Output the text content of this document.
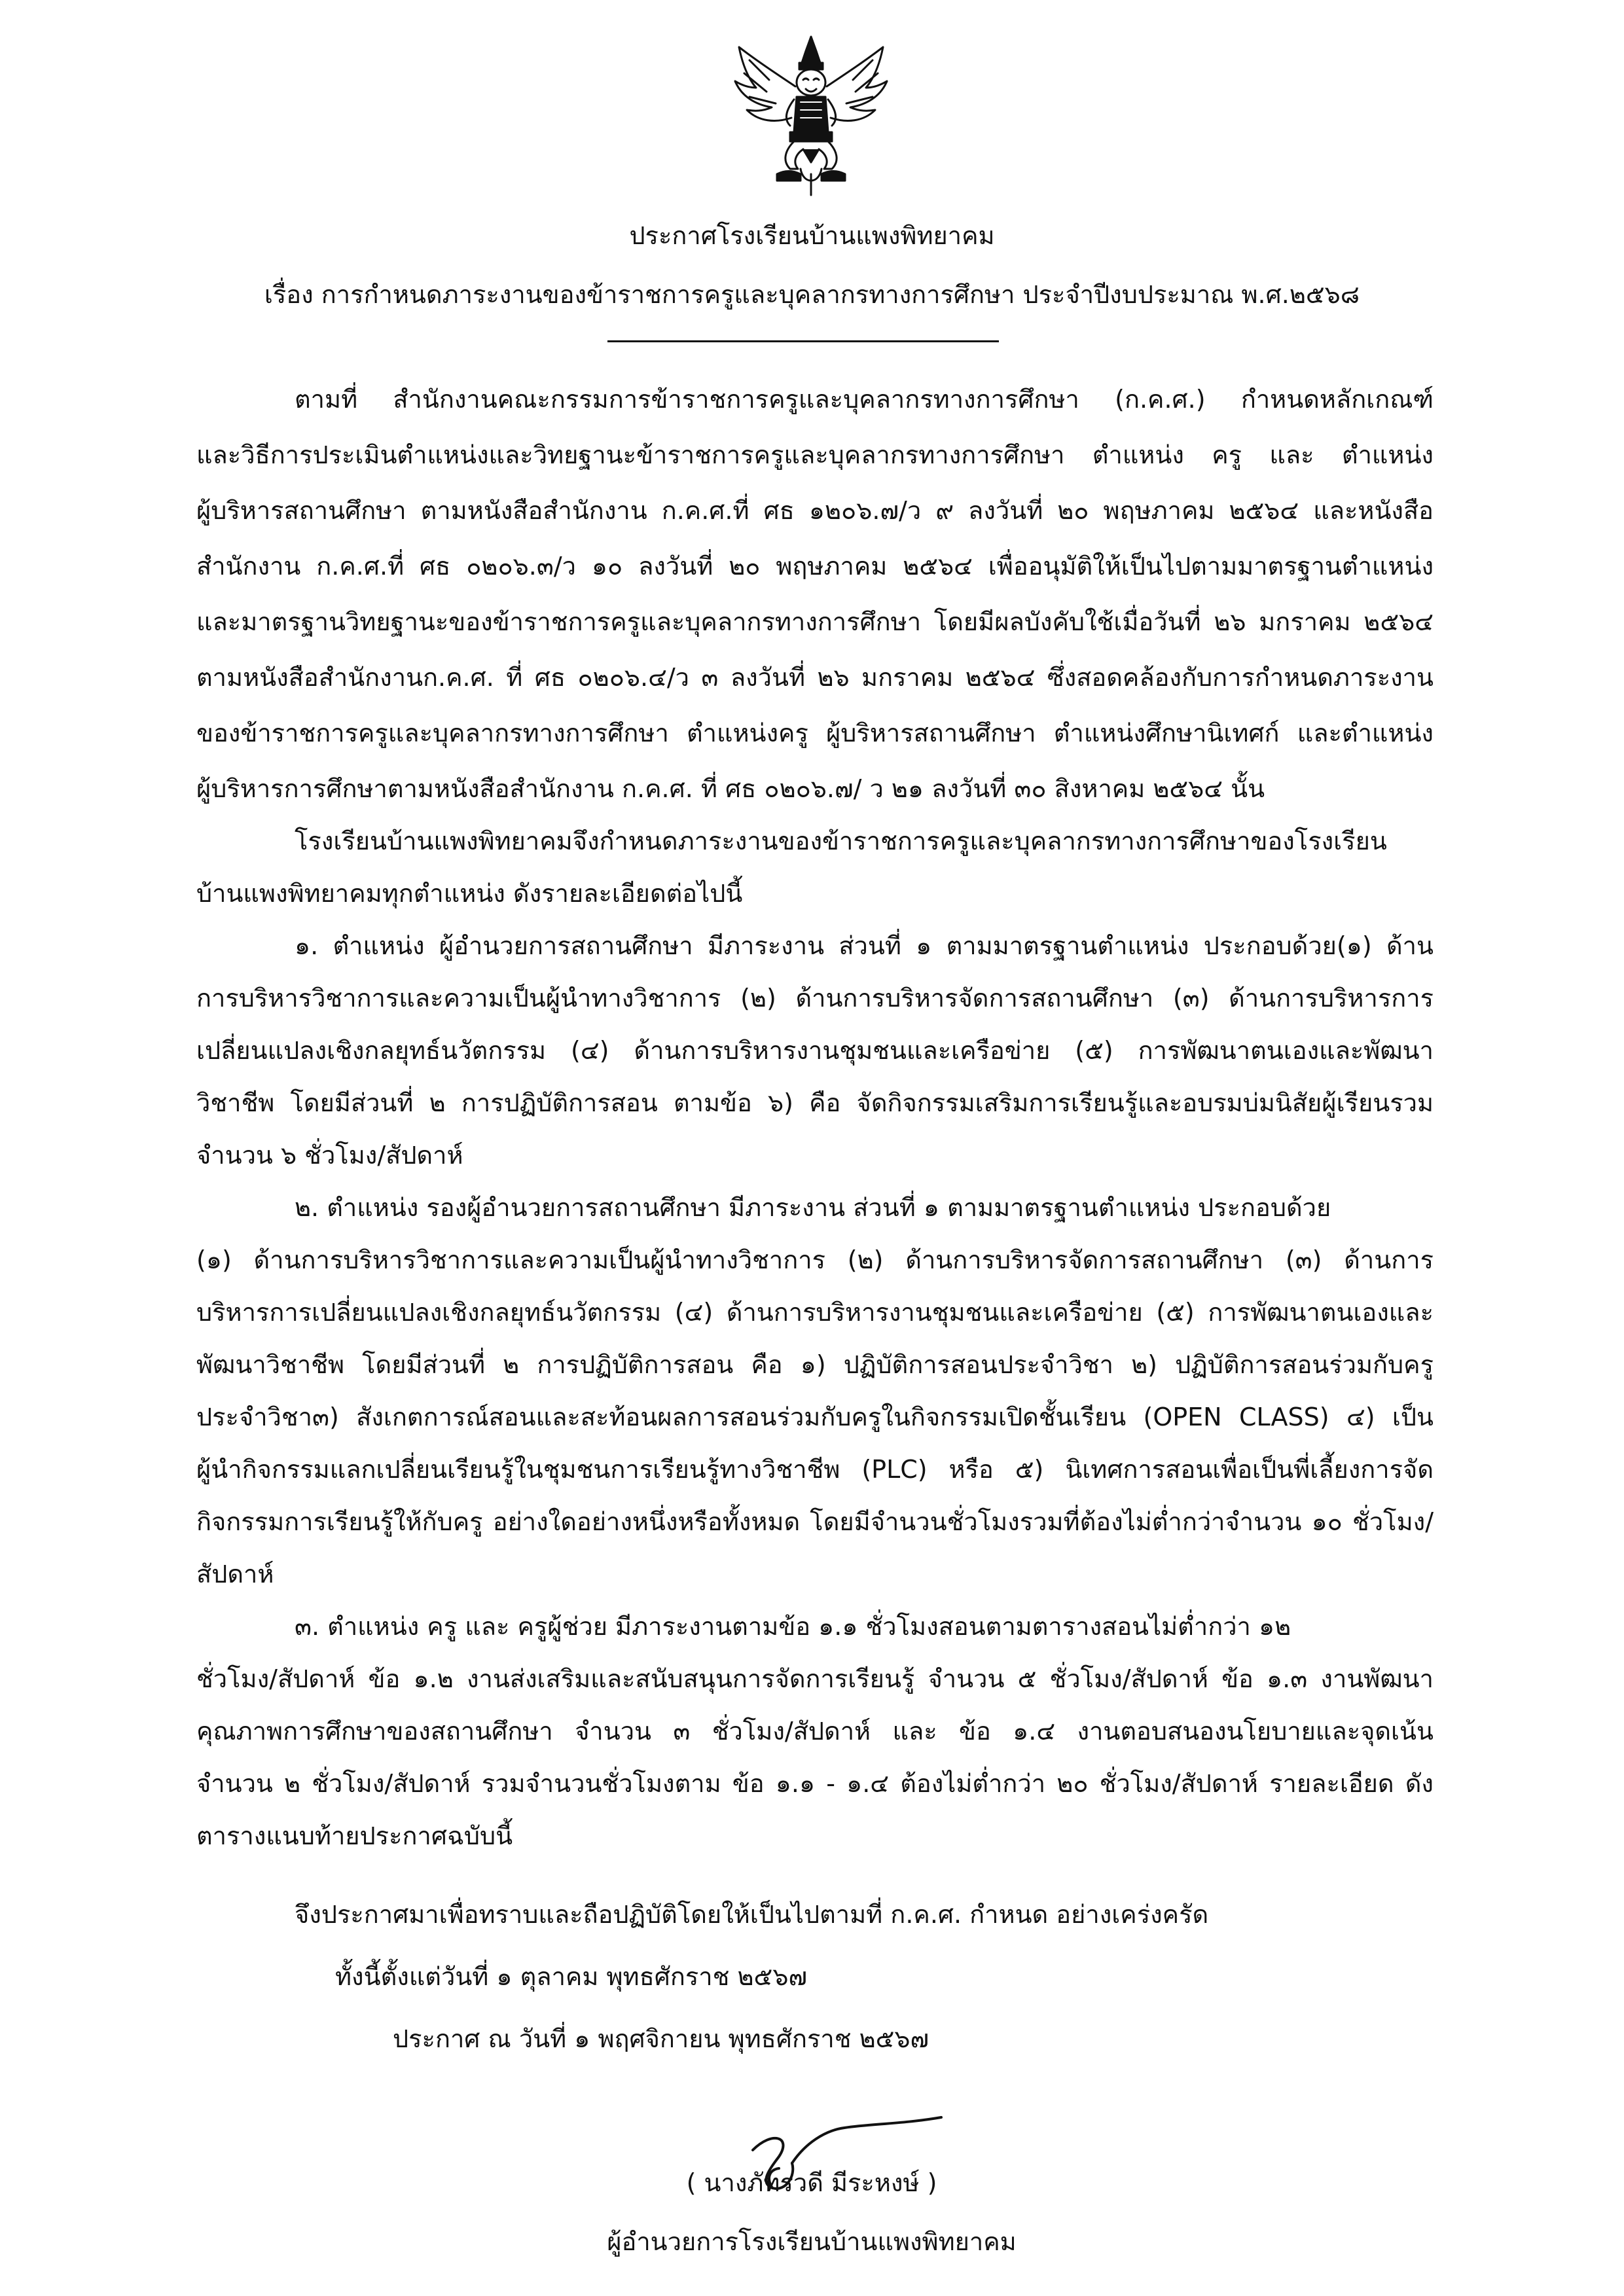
ประกาศโรงเรียนบ้านแพงพิทยาคม
เรื่อง การกำหนดภาระงานของข้าราชการครูและบุคลากรทางการศึกษา ประจำปีงบประมาณ พ.ศ.๒๕๖๘
ตามที่ สำนักงานคณะกรรมการข้าราชการครูและบุคลากรทางการศึกษา (ก.ค.ศ.) กำหนดหลักเกณฑ์
และวิธีการประเมินตำแหน่งและวิทยฐานะข้าราชการครูและบุคลากรทางการศึกษา ตำแหน่ง ครู และ ตำแหน่ง
ผู้บริหารสถานศึกษา ตามหนังสือสำนักงาน ก.ค.ศ.ที่ ศธ ๑๒๐๖.๗/ว ๙ ลงวันที่ ๒๐ พฤษภาคม ๒๕๖๔ และหนังสือ
สำนักงาน ก.ค.ศ.ที่ ศธ ๐๒๐๖.๓/ว ๑๐ ลงวันที่ ๒๐ พฤษภาคม ๒๕๖๔ เพื่ออนุมัติให้เป็นไปตามมาตรฐานตำแหน่ง
และมาตรฐานวิทยฐานะของข้าราชการครูและบุคลากรทางการศึกษา โดยมีผลบังคับใช้เมื่อวันที่ ๒๖ มกราคม ๒๕๖๔
ตามหนังสือสำนักงานก.ค.ศ. ที่ ศธ ๐๒๐๖.๔/ว ๓ ลงวันที่ ๒๖ มกราคม ๒๕๖๔ ซึ่งสอดคล้องกับการกำหนดภาระงาน
ของข้าราชการครูและบุคลากรทางการศึกษา ตำแหน่งครู ผู้บริหารสถานศึกษา ตำแหน่งศึกษานิเทศก์ และตำแหน่ง
ผู้บริหารการศึกษาตามหนังสือสำนักงาน ก.ค.ศ. ที่ ศธ ๐๒๐๖.๗/ ว ๒๑ ลงวันที่ ๓๐ สิงหาคม ๒๕๖๔ นั้น
โรงเรียนบ้านแพงพิทยาคมจึงกำหนดภาระงานของข้าราชการครูและบุคลากรทางการศึกษาของโรงเรียน
บ้านแพงพิทยาคมทุกตำแหน่ง ดังรายละเอียดต่อไปนี้
๑. ตำแหน่ง ผู้อำนวยการสถานศึกษา มีภาระงาน ส่วนที่ ๑ ตามมาตรฐานตำแหน่ง ประกอบด้วย(๑) ด้าน
การบริหารวิชาการและความเป็นผู้นำทางวิชาการ (๒) ด้านการบริหารจัดการสถานศึกษา (๓) ด้านการบริหารการ
เปลี่ยนแปลงเชิงกลยุทธ์นวัตกรรม (๔) ด้านการบริหารงานชุมชนและเครือข่าย (๕) การพัฒนาตนเองและพัฒนา
วิชาชีพ โดยมีส่วนที่ ๒ การปฏิบัติการสอน ตามข้อ ๖) คือ จัดกิจกรรมเสริมการเรียนรู้และอบรมบ่มนิสัยผู้เรียนรวม
จำนวน ๖ ชั่วโมง/สัปดาห์
๒. ตำแหน่ง รองผู้อำนวยการสถานศึกษา มีภาระงาน ส่วนที่ ๑ ตามมาตรฐานตำแหน่ง ประกอบด้วย
(๑) ด้านการบริหารวิชาการและความเป็นผู้นำทางวิชาการ (๒) ด้านการบริหารจัดการสถานศึกษา (๓) ด้านการ
บริหารการเปลี่ยนแปลงเชิงกลยุทธ์นวัตกรรม (๔) ด้านการบริหารงานชุมชนและเครือข่าย (๕) การพัฒนาตนเองและ
พัฒนาวิชาชีพ โดยมีส่วนที่ ๒ การปฏิบัติการสอน คือ ๑) ปฏิบัติการสอนประจำวิชา ๒) ปฏิบัติการสอนร่วมกับครู
ประจำวิชา๓) สังเกตการณ์สอนและสะท้อนผลการสอนร่วมกับครูในกิจกรรมเปิดชั้นเรียน (OPEN CLASS) ๔) เป็น
ผู้นำกิจกรรมแลกเปลี่ยนเรียนรู้ในชุมชนการเรียนรู้ทางวิชาชีพ (PLC) หรือ ๕) นิเทศการสอนเพื่อเป็นพี่เลี้ยงการจัด
กิจกรรมการเรียนรู้ให้กับครู อย่างใดอย่างหนึ่งหรือทั้งหมด โดยมีจำนวนชั่วโมงรวมที่ต้องไม่ต่ำกว่าจำนวน ๑๐ ชั่วโมง/
สัปดาห์
๓. ตำแหน่ง ครู และ ครูผู้ช่วย มีภาระงานตามข้อ ๑.๑ ชั่วโมงสอนตามตารางสอนไม่ต่ำกว่า ๑๒
ชั่วโมง/สัปดาห์ ข้อ ๑.๒ งานส่งเสริมและสนับสนุนการจัดการเรียนรู้ จำนวน ๕ ชั่วโมง/สัปดาห์ ข้อ ๑.๓ งานพัฒนา
คุณภาพการศึกษาของสถานศึกษา จำนวน ๓ ชั่วโมง/สัปดาห์ และ ข้อ ๑.๔ งานตอบสนองนโยบายและจุดเน้น
จำนวน ๒ ชั่วโมง/สัปดาห์ รวมจำนวนชั่วโมงตาม ข้อ ๑.๑ - ๑.๔ ต้องไม่ต่ำกว่า ๒๐ ชั่วโมง/สัปดาห์ รายละเอียด ดัง
ตารางแนบท้ายประกาศฉบับนี้
จึงประกาศมาเพื่อทราบและถือปฏิบัติโดยให้เป็นไปตามที่ ก.ค.ศ. กำหนด อย่างเคร่งครัด
ทั้งนี้ตั้งแต่วันที่ ๑ ตุลาคม พุทธศักราช ๒๕๖๗
ประกาศ ณ วันที่ ๑ พฤศจิกายน พุทธศักราช ๒๕๖๗
( นางภัทรวดี มีระหงษ์ )
ผู้อำนวยการโรงเรียนบ้านแพงพิทยาคม
